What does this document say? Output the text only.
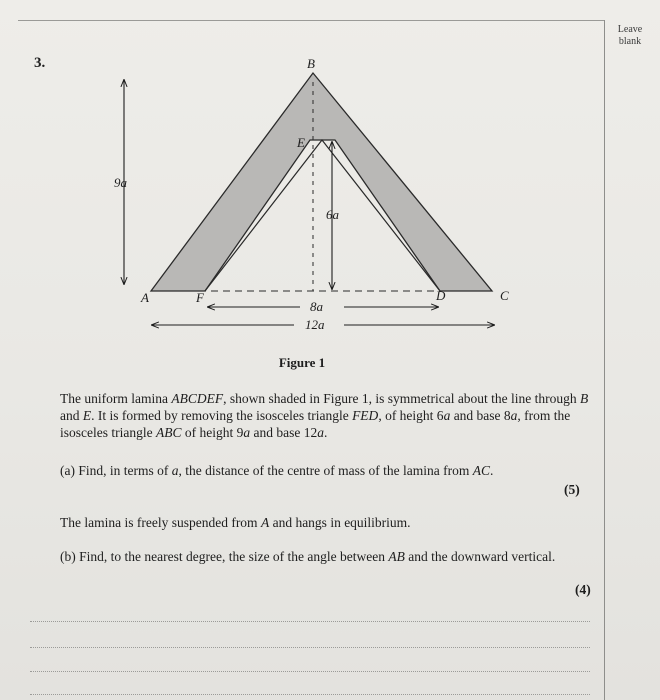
Leave blank
3.
9a
6a
8a
12a
B
E
A	F	D	C
Figure 1
The uniform lamina ABCDEF, shown shaded in Figure 1, is symmetrical about the line through B and E. It is formed by removing the isosceles triangle FED, of height 6a and base 8a, from the isosceles triangle ABC of height 9a and base 12a.
(a) Find, in terms of a, the distance of the centre of mass of the lamina from AC.
(5)
The lamina is freely suspended from A and hangs in equilibrium.
(b) Find, to the nearest degree, the size of the angle between AB and the downward vertical.
(4)
